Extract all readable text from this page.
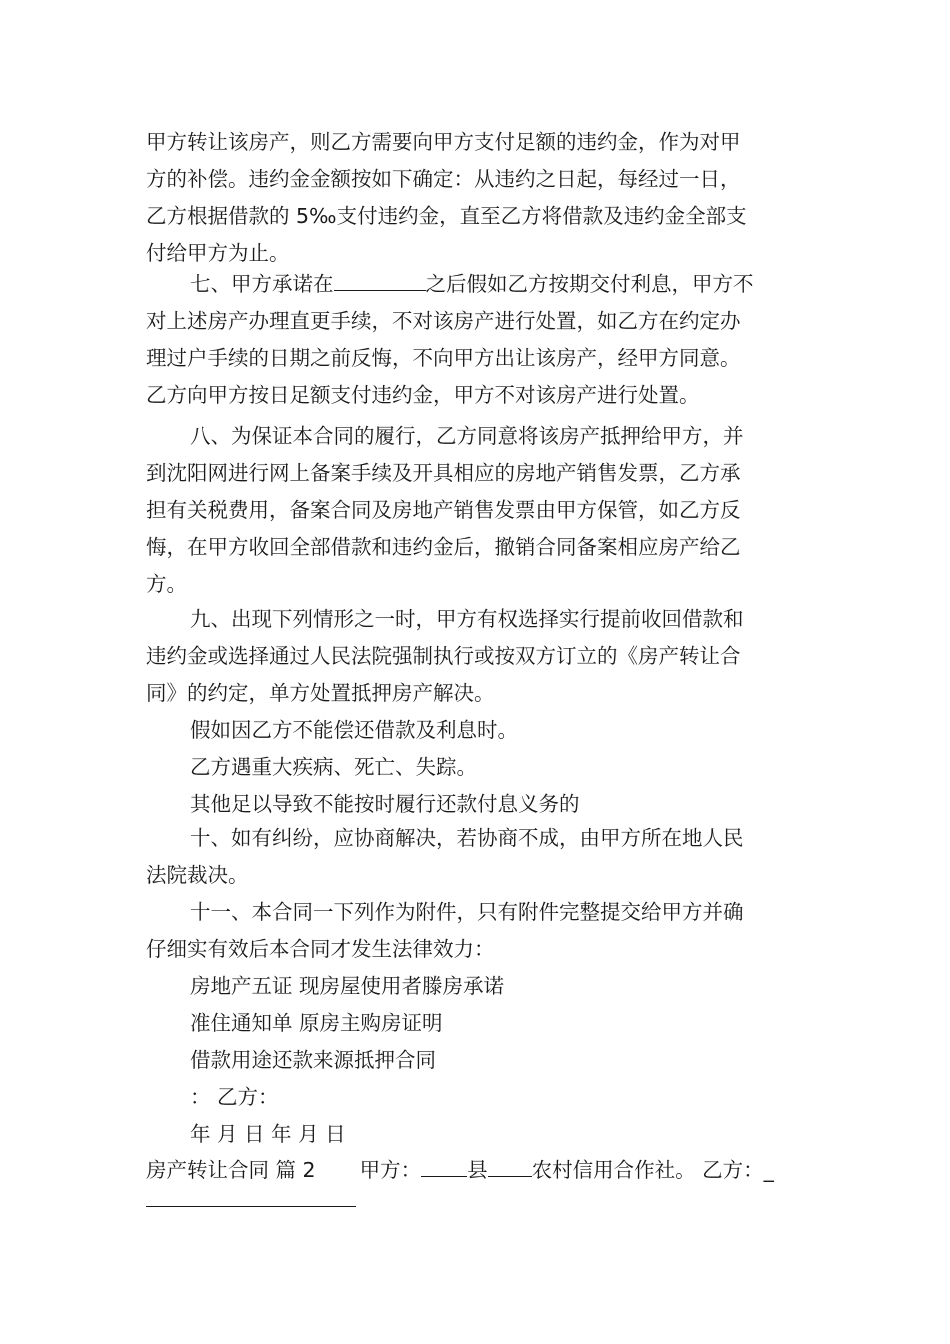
甲方转让该房产，则乙方需要向甲方支付足额的违约金，作为对甲
方的补偿。违约金金额按如下确定：从违约之日起，每经过一日，
乙方根据借款的 5‰支付违约金，直至乙方将借款及违约金全部支
付给甲方为止。
七、甲方承诺在	之后假如乙方按期交付利息，甲方不
对上述房产办理直更手续，不对该房产进行处置，如乙方在约定办
理过户手续的日期之前反悔，不向甲方出让该房产，经甲方同意。
乙方向甲方按日足额支付违约金，甲方不对该房产进行处置。
八、为保证本合同的履行，乙方同意将该房产抵押给甲方，并
到沈阳网进行网上备案手续及开具相应的房地产销售发票，乙方承
担有关税费用，备案合同及房地产销售发票由甲方保管，如乙方反
悔，在甲方收回全部借款和违约金后，撤销合同备案相应房产给乙
方。
九、出现下列情形之一时，甲方有权选择实行提前收回借款和
违约金或选择通过人民法院强制执行或按双方订立的《房产转让合
同》的约定，单方处置抵押房产解决。
假如因乙方不能偿还借款及利息时。
乙方遇重大疾病、死亡、失踪。
其他足以导致不能按时履行还款付息义务的
十、如有纠纷，应协商解决，若协商不成，由甲方所在地人民
法院裁决。
十一、本合同一下列作为附件，只有附件完整提交给甲方并确
仔细实有效后本合同才发生法律效力：
房地产五证 现房屋使用者滕房承诺
准住通知单 原房主购房证明
借款用途还款来源抵押合同
： 乙方：
年 月 日 年 月 日
房产转让合同 篇 2 甲方： 县 农村信用合作社。 乙方：_
